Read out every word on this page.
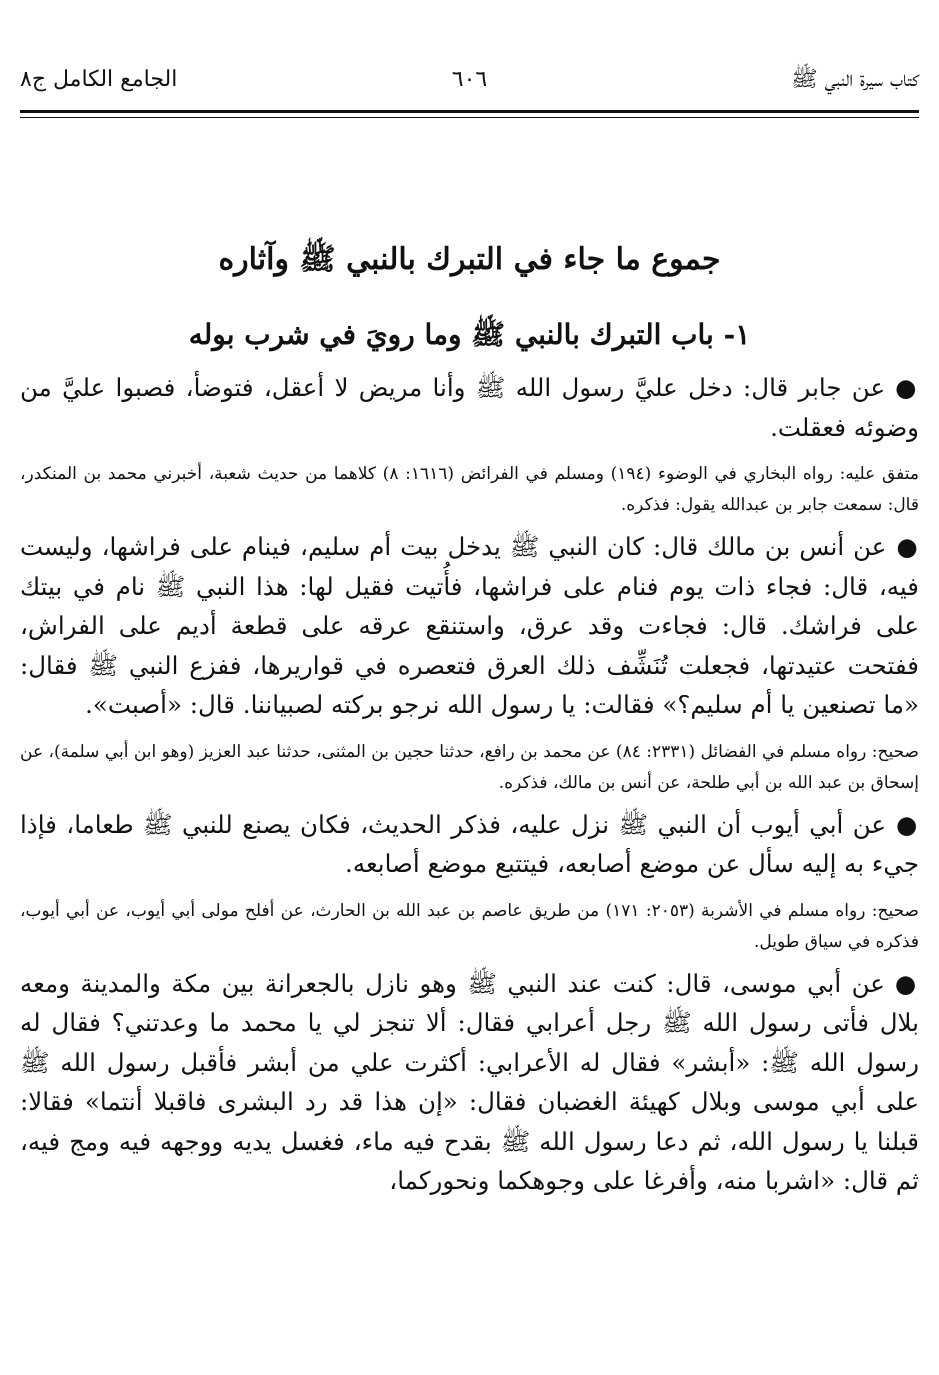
كتاب سيرة النبي ﷺ
٦٠٦
الجامع الكامل ج٨
جموع ما جاء في التبرك بالنبي ﷺ وآثاره
١- باب التبرك بالنبي ﷺ وما رويَ في شرب بوله

●عن جابر قال: دخل عليَّ رسول الله ﷺ وأنا مريض لا أعقل، فتوضأ، فصبوا عليَّ من وضوئه فعقلت.

متفق عليه: رواه البخاري في الوضوء (١٩٤) ومسلم في الفرائض (١٦١٦: ٨) كلاهما من حديث شعبة، أخبرني محمد بن المنكدر، قال: سمعت جابر بن عبدالله يقول: فذكره.

●عن أنس بن مالك قال: كان النبي ﷺ يدخل بيت أم سليم، فينام على فراشها، وليست فيه، قال: فجاء ذات يوم فنام على فراشها، فأُتيت فقيل لها: هذا النبي ﷺ نام في بيتك على فراشك. قال: فجاءت وقد عرق، واستنقع عرقه على قطعة أديم على الفراش، ففتحت عتيدتها، فجعلت تُنَشِّف ذلك العرق فتعصره في قواريرها، ففزع النبي ﷺ فقال: «ما تصنعين يا أم سليم؟» فقالت: يا رسول الله نرجو بركته لصبياننا. قال: «أصبت».

صحيح: رواه مسلم في الفضائل (٢٣٣١: ٨٤) عن محمد بن رافع، حدثنا حجين بن المثنى، حدثنا عبد العزيز (وهو ابن أبي سلمة)، عن إسحاق بن عبد الله بن أبي طلحة، عن أنس بن مالك، فذكره.

●عن أبي أيوب أن النبي ﷺ نزل عليه، فذكر الحديث، فكان يصنع للنبي ﷺ طعاما، فإذا جيء به إليه سأل عن موضع أصابعه، فيتتبع موضع أصابعه.

صحيح: رواه مسلم في الأشربة (٢٠٥٣: ١٧١) من طريق عاصم بن عبد الله بن الحارث، عن أفلح مولى أبي أيوب، عن أبي أيوب، فذكره في سياق طويل.

●عن أبي موسى، قال: كنت عند النبي ﷺ وهو نازل بالجعرانة بين مكة والمدينة ومعه بلال فأتى رسول الله ﷺ رجل أعرابي فقال: ألا تنجز لي يا محمد ما وعدتني؟ فقال له رسول الله ﷺ: «أبشر» فقال له الأعرابي: أكثرت علي من أبشر فأقبل رسول الله ﷺ على أبي موسى وبلال كهيئة الغضبان فقال: «إن هذا قد رد البشرى فاقبلا أنتما» فقالا: قبلنا يا رسول الله، ثم دعا رسول الله ﷺ بقدح فيه ماء، فغسل يديه ووجهه فيه ومج فيه، ثم قال: «اشربا منه، وأفرغا على وجوهكما ونحوركما،
